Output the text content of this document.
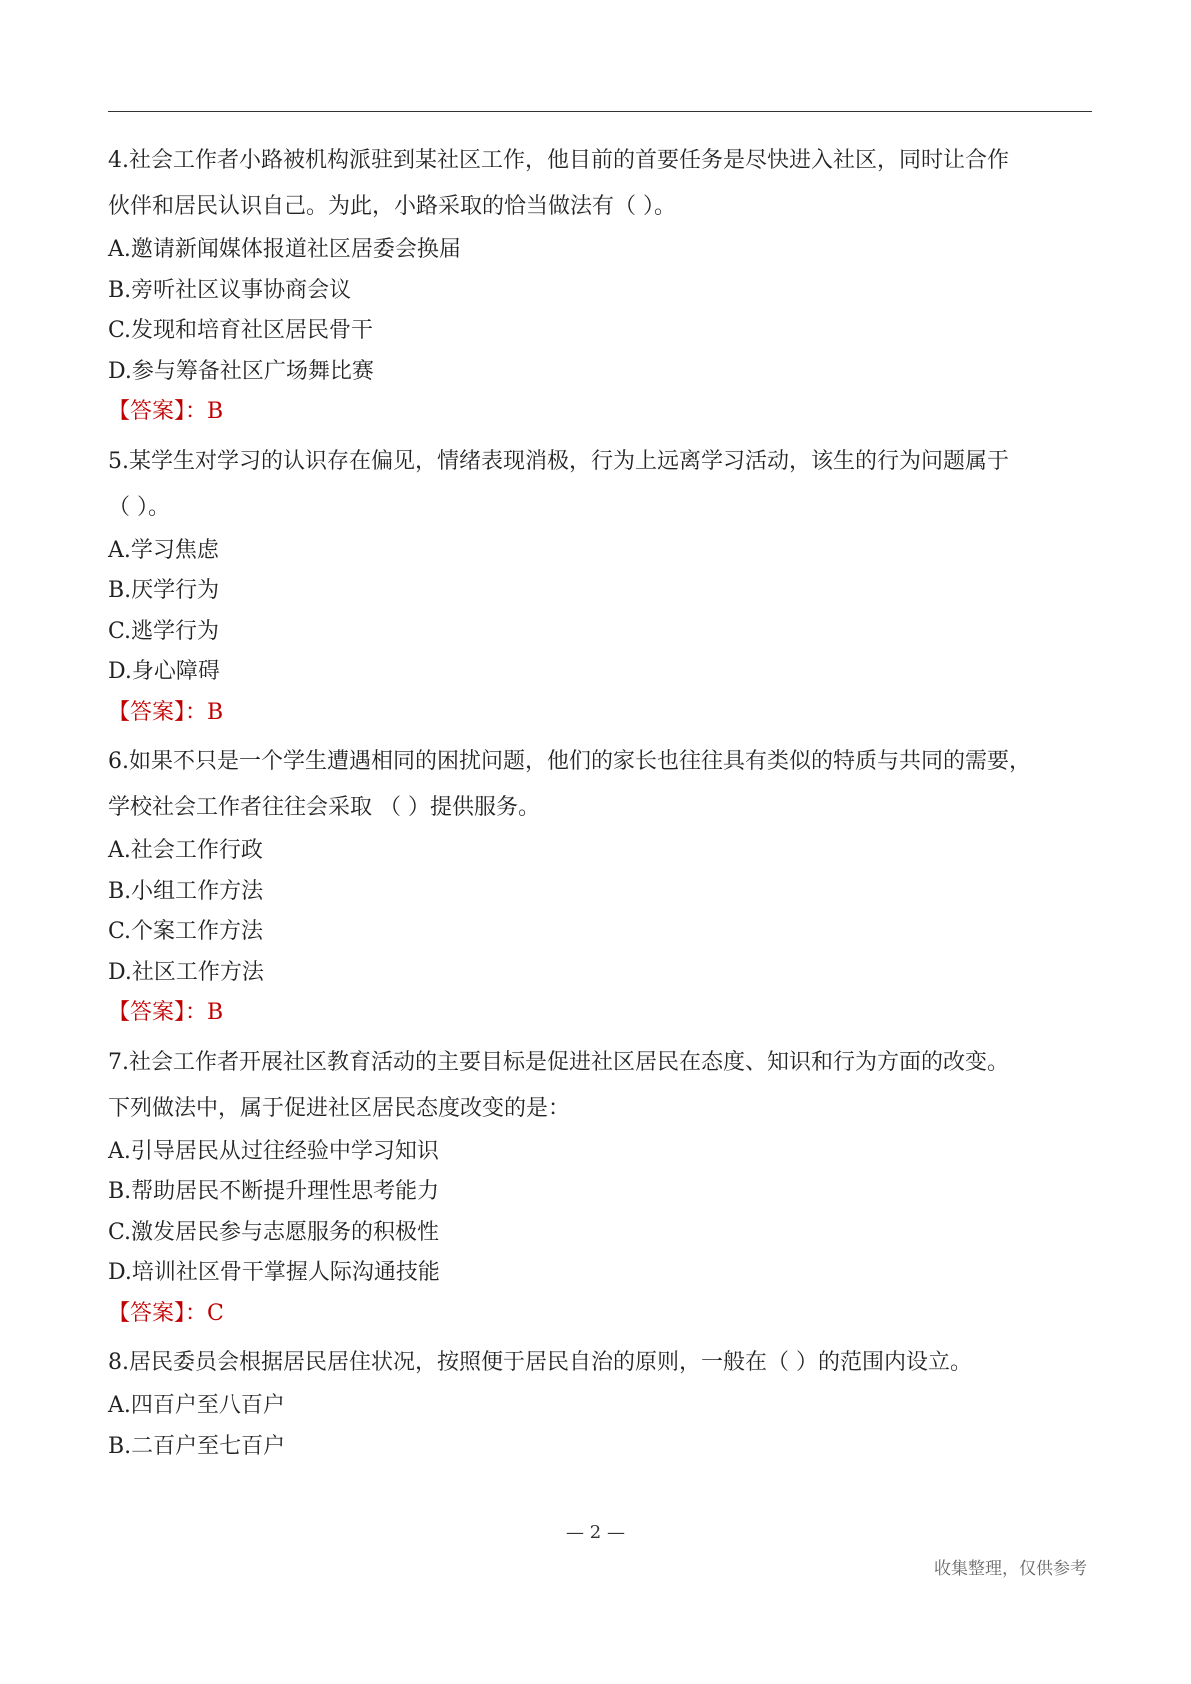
4.社会工作者小路被机构派驻到某社区工作，他目前的首要任务是尽快进入社区，同时让合作

伙伴和居民认识自己。为此，小路采取的恰当做法有（ ）。

A.邀请新闻媒体报道社区居委会换届

B.旁听社区议事协商会议

C.发现和培育社区居民骨干

D.参与筹备社区广场舞比赛

【答案】：B

5.某学生对学习的认识存在偏见，情绪表现消极，行为上远离学习活动，该生的行为问题属于

（ ）。

A.学习焦虑

B.厌学行为

C.逃学行为

D.身心障碍

【答案】：B

6.如果不只是一个学生遭遇相同的困扰问题，他们的家长也往往具有类似的特质与共同的需要，

学校社会工作者往往会采取 （ ）提供服务。

A.社会工作行政

B.小组工作方法

C.个案工作方法

D.社区工作方法

【答案】：B

7.社会工作者开展社区教育活动的主要目标是促进社区居民在态度、知识和行为方面的改变。

下列做法中，属于促进社区居民态度改变的是：

A.引导居民从过往经验中学习知识

B.帮助居民不断提升理性思考能力

C.激发居民参与志愿服务的积极性

D.培训社区骨干掌握人际沟通技能

【答案】：C

8.居民委员会根据居民居住状况，按照便于居民自治的原则，一般在（ ）的范围内设立。

A.四百户至八百户

B.二百户至七百户

— 2 —
收集整理，仅供参考
